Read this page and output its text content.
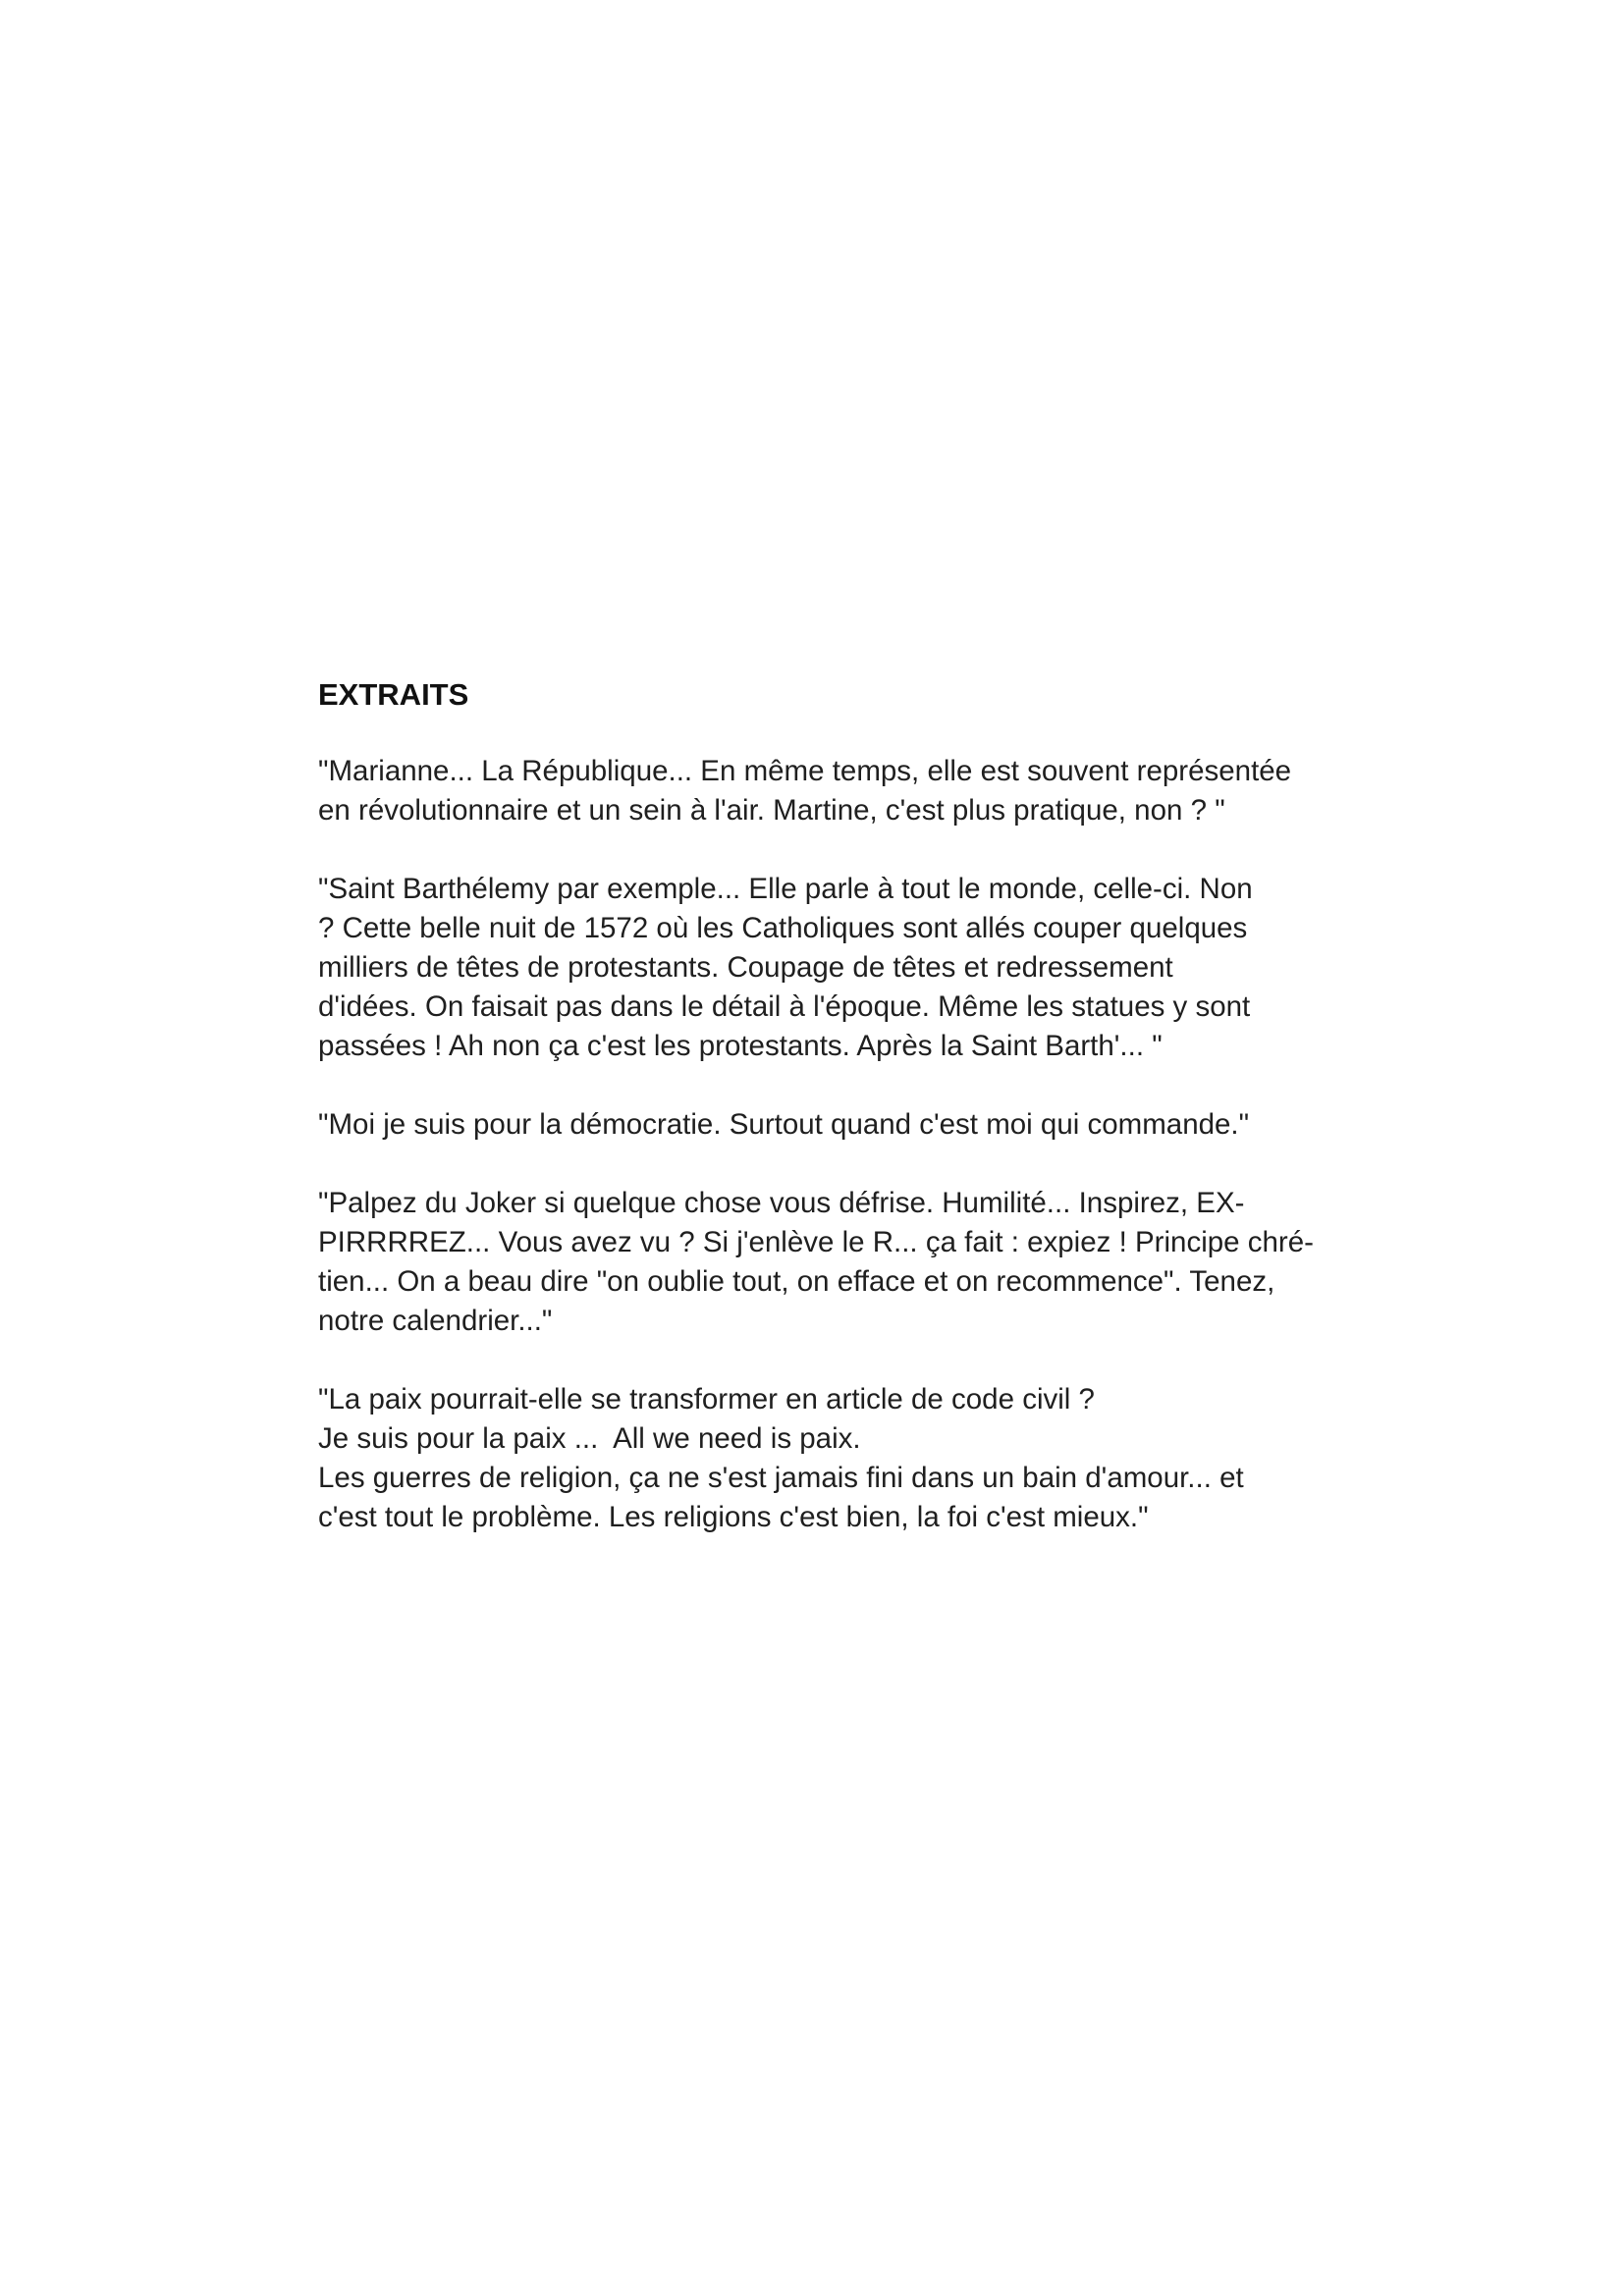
EXTRAITS
"Marianne... La République... En même temps, elle est souvent représentée
en révolutionnaire et un sein à l'air. Martine, c'est plus pratique, non ? "
"Saint Barthélemy par exemple... Elle parle à tout le monde, celle-ci. Non
? Cette belle nuit de 1572 où les Catholiques sont allés couper quelques
milliers de têtes de protestants. Coupage de têtes et redressement
d'idées. On faisait pas dans le détail à l'époque. Même les statues y sont
passées ! Ah non ça c'est les protestants. Après la Saint Barth'... "
"Moi je suis pour la démocratie. Surtout quand c'est moi qui commande."
"Palpez du Joker si quelque chose vous défrise. Humilité... Inspirez, EX-
PIRRRREZ... Vous avez vu ? Si j'enlève le R... ça fait : expiez ! Principe chré-
tien... On a beau dire "on oublie tout, on efface et on recommence". Tenez,
notre calendrier..."
"La paix pourrait-elle se transformer en article de code civil ?
Je suis pour la paix ...  All we need is paix.
Les guerres de religion, ça ne s'est jamais fini dans un bain d'amour... et
c'est tout le problème. Les religions c'est bien, la foi c'est mieux."
